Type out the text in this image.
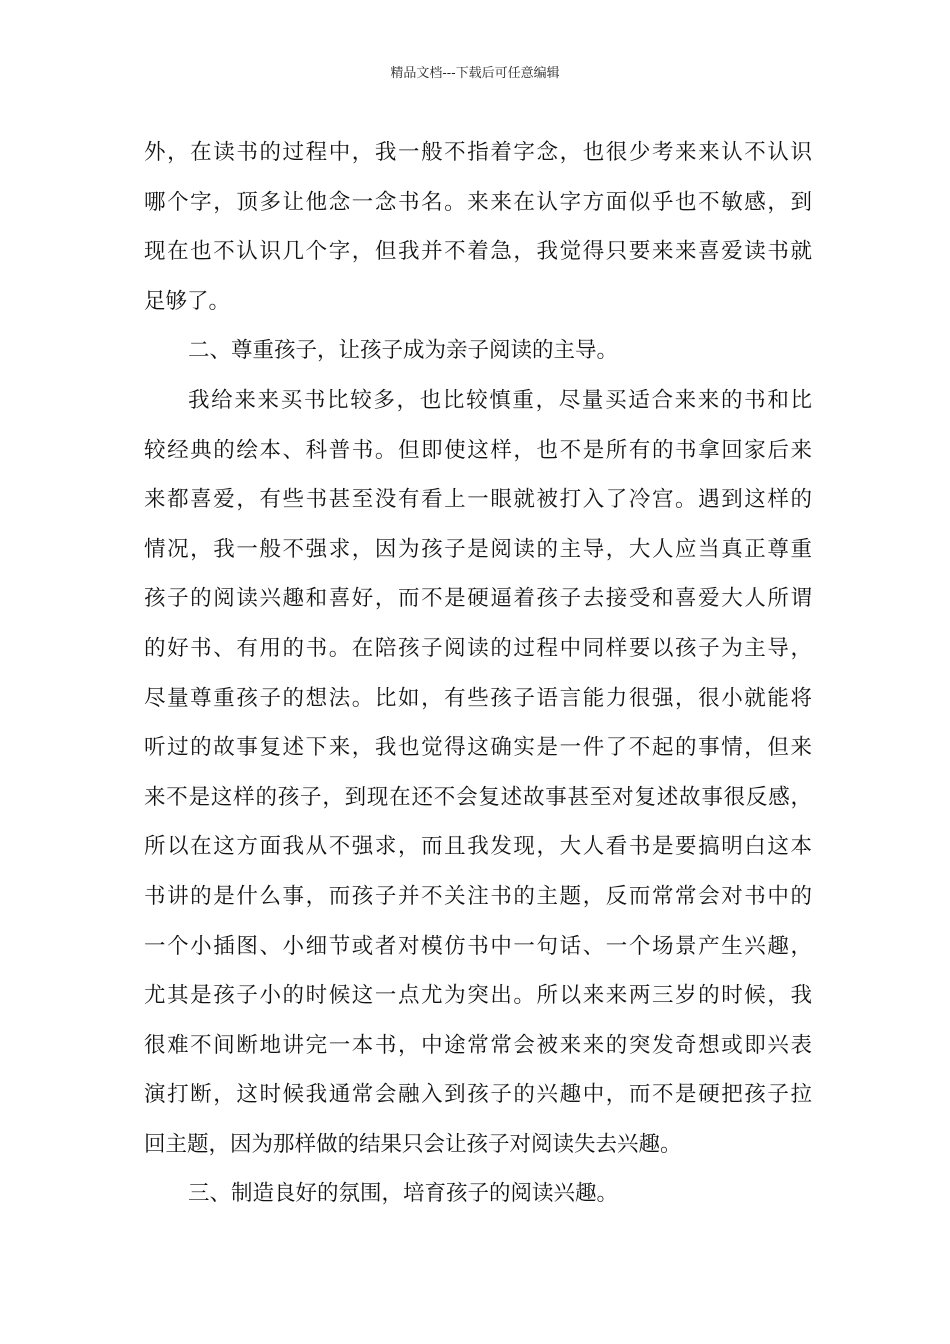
精品文档---下载后可任意编辑
外，在读书的过程中，我一般不指着字念，也很少考来来认不认识
哪个字，顶多让他念一念书名。来来在认字方面似乎也不敏感，到
现在也不认识几个字，但我并不着急，我觉得只要来来喜爱读书就
足够了。
二、尊重孩子，让孩子成为亲子阅读的主导。
我给来来买书比较多，也比较慎重，尽量买适合来来的书和比
较经典的绘本、科普书。但即使这样，也不是所有的书拿回家后来
来都喜爱，有些书甚至没有看上一眼就被打入了冷宫。遇到这样的
情况，我一般不强求，因为孩子是阅读的主导，大人应当真正尊重
孩子的阅读兴趣和喜好，而不是硬逼着孩子去接受和喜爱大人所谓
的好书、有用的书。在陪孩子阅读的过程中同样要以孩子为主导，
尽量尊重孩子的想法。比如，有些孩子语言能力很强，很小就能将
听过的故事复述下来，我也觉得这确实是一件了不起的事情，但来
来不是这样的孩子，到现在还不会复述故事甚至对复述故事很反感，
所以在这方面我从不强求，而且我发现，大人看书是要搞明白这本
书讲的是什么事，而孩子并不关注书的主题，反而常常会对书中的
一个小插图、小细节或者对模仿书中一句话、一个场景产生兴趣，
尤其是孩子小的时候这一点尤为突出。所以来来两三岁的时候，我
很难不间断地讲完一本书，中途常常会被来来的突发奇想或即兴表
演打断，这时候我通常会融入到孩子的兴趣中，而不是硬把孩子拉
回主题，因为那样做的结果只会让孩子对阅读失去兴趣。
三、制造良好的氛围，培育孩子的阅读兴趣。
